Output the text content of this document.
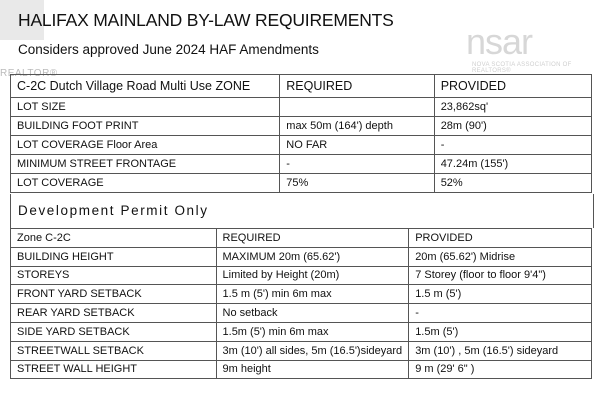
REALTOR®
HALIFAX MAINLAND BY-LAW REQUIREMENTS
Considers approved June 2024 HAF Amendments	nsar
NOVA SCOTIA ASSOCIATION OF REALTORS®
C-2C Dutch Village Road Multi Use ZONE	REQUIRED	PROVIDED
LOT SIZE		23,862sq'
BUILDING FOOT PRINT	max 50m (164') depth	28m (90')
LOT COVERAGE Floor Area	NO FAR	-
MINIMUM STREET FRONTAGE	-	47.24m (155')
LOT COVERAGE	75%	52%
Development Permit Only
Zone C-2C	REQUIRED	PROVIDED
BUILDING HEIGHT	MAXIMUM 20m (65.62')	20m (65.62') Midrise
STOREYS	Limited by Height (20m)	7 Storey (floor to floor 9'4")
FRONT YARD SETBACK	1.5 m (5') min 6m max	1.5 m (5')
REAR YARD SETBACK	No setback	-
SIDE YARD SETBACK	1.5m (5') min 6m max	1.5m (5')
STREETWALL SETBACK	3m (10') all sides, 5m (16.5')sideyard	3m (10') , 5m (16.5') sideyard
STREET WALL HEIGHT	9m height	9 m (29' 6" )
